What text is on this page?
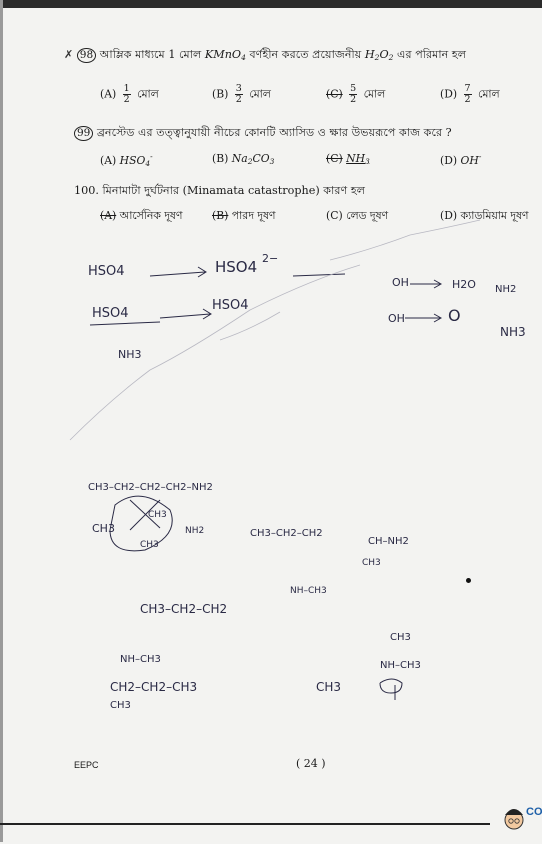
✗ 98 আম্লিক মাধ্যমে 1 মোল KMnO$_4$ বর্ণহীন করতে প্রয়োজনীয় $H_2O_2$ এর পরিমান হল
$(A) \frac{1}{2}$ মোল	$(B) \frac{3}{2}$ মোল	$(C) \frac{5}{2}$ মোল	$(D) \frac{7}{2}$ মোল
99 ব্রনস্টেড এর তত্ত্বানুযায়ী নীচের কোনটি অ্যাসিড ও ক্ষার উভয়রূপে কাজ করে ?
(A) $HSO_4^-$	(B) $Na_2CO_3$	(C) $NH_3$	(D) OH-
100. মিনামাটা দুর্ঘটনার (Minamata catastrophe) কারণ হল
(A) আর্সেনিক দূষণ	(B) পারদ দূষণ	(C) লেড দূষণ	(D) ক্যাডমিয়াম দূষণ
HSO4	HSO4 2−
HSO4
HSO4
NH3
OH	H2O
OH	O
NH2
NH3
CH3–CH2–CH2–CH2–NH2
CH3
CH3
CH3
NH2	CH3–CH2–CH2
CH–NH2
CH3
NH–CH3
CH3–CH2–CH2
NH–CH3
CH2–CH2–CH3
CH3
CH3
NH–CH3
CH3
EEPC	( 24 )
CO
